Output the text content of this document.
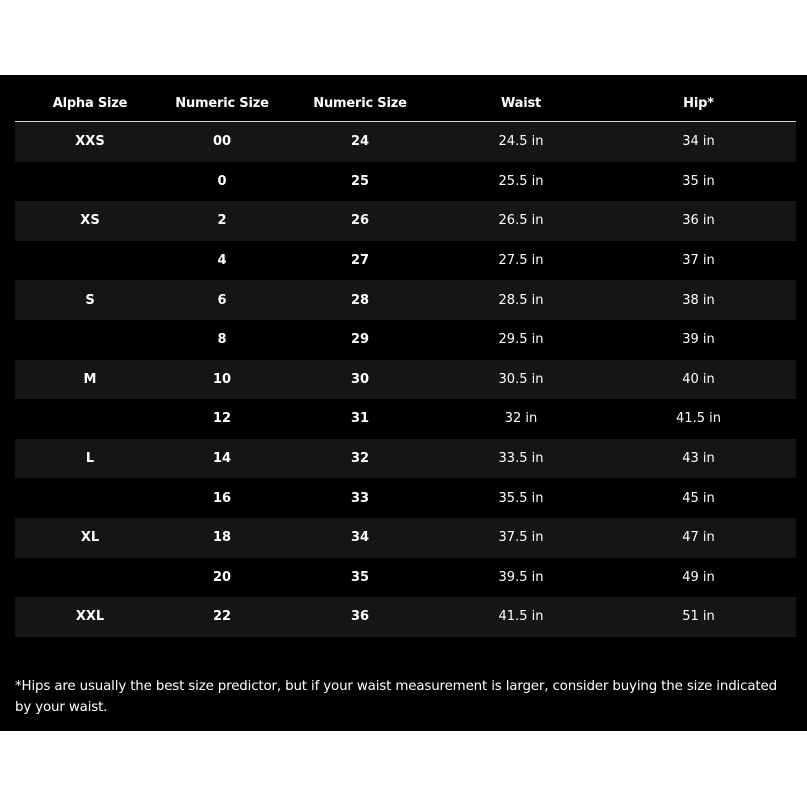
Alpha Size	Numeric Size	Numeric Size	Waist	Hip*
XXS	00	24	24.5 in	34 in
	0	25	25.5 in	35 in
XS	2	26	26.5 in	36 in
	4	27	27.5 in	37 in
S	6	28	28.5 in	38 in
	8	29	29.5 in	39 in
M	10	30	30.5 in	40 in
	12	31	32 in	41.5 in
L	14	32	33.5 in	43 in
	16	33	35.5 in	45 in
XL	18	34	37.5 in	47 in
	20	35	39.5 in	49 in
XXL	22	36	41.5 in	51 in
*Hips are usually the best size predictor, but if your waist measurement is larger, consider buying the size indicated by your waist.
